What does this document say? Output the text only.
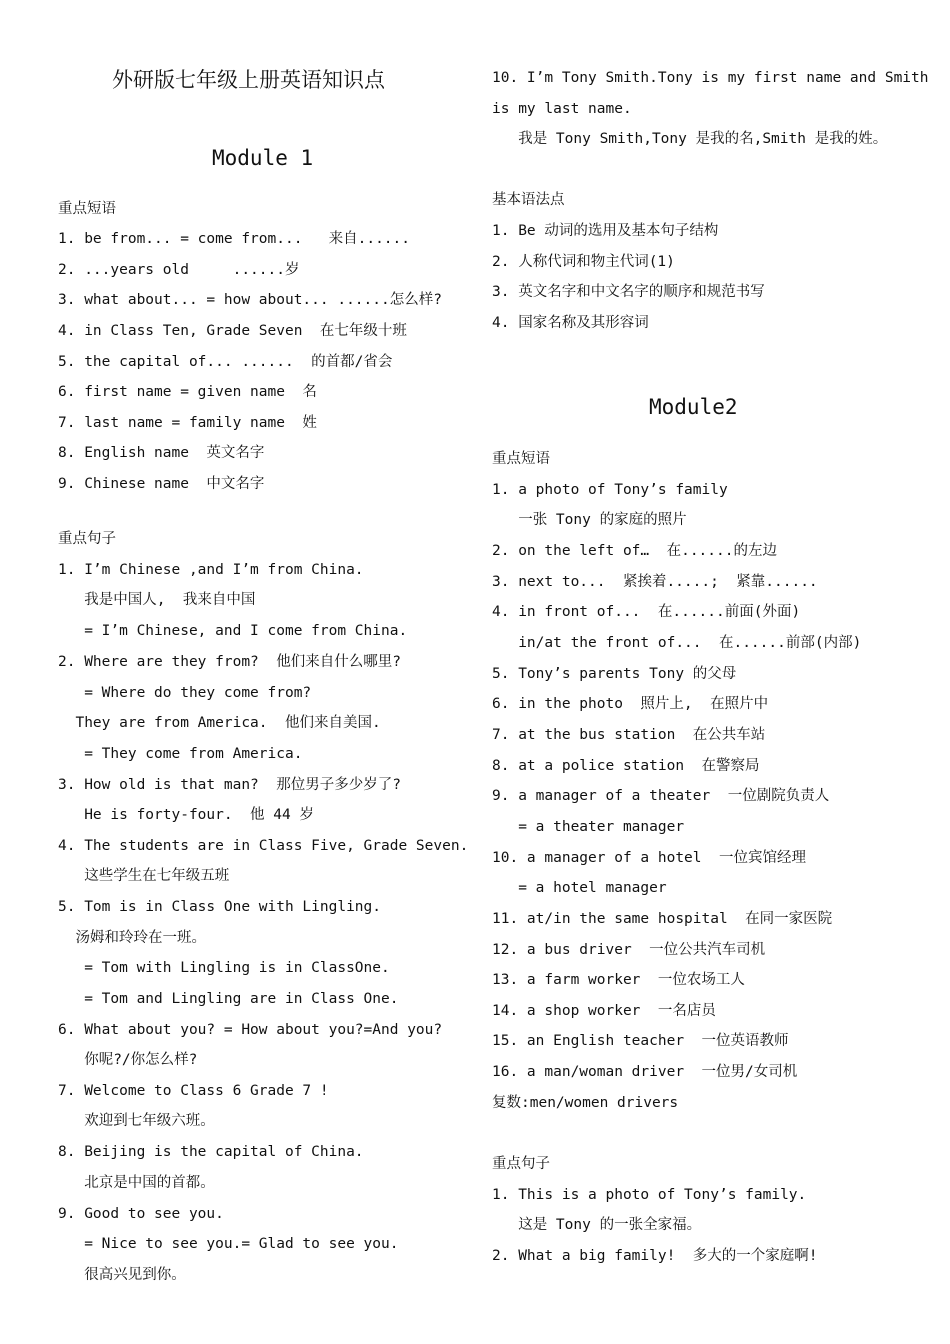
外研版七年级上册英语知识点
Module 1
重点短语
1. be from... = come from...   来自......
2. ...years old     ......岁
3. what about... = how about... ......怎么样?
4. in Class Ten, Grade Seven  在七年级十班
5. the capital of... ......  的首都/省会
6. first name = given name  名
7. last name = family name  姓
8. English name  英文名字
9. Chinese name  中文名字
重点句子
1. I’m Chinese ,and I’m from China.
我是中国人,  我来自中国
= I’m Chinese, and I come from China.
2. Where are they from?  他们来自什么哪里?
= Where do they come from?
They are from America.  他们来自美国.
= They come from America.
3. How old is that man?  那位男子多少岁了?
He is forty-four.  他 44 岁
4. The students are in Class Five, Grade Seven.
这些学生在七年级五班
5. Tom is in Class One with Lingling.
汤姆和玲玲在一班。
= Tom with Lingling is in ClassOne.
= Tom and Lingling are in Class One.
6. What about you? = How about you?=And you?
你呢?/你怎么样?
7. Welcome to Class 6 Grade 7 !
欢迎到七年级六班。
8. Beijing is the capital of China.
北京是中国的首都。
9. Good to see you.
= Nice to see you.= Glad to see you.
很高兴见到你。
10. I’m Tony Smith.Tony is my first name and Smith
is my last name.
我是 Tony Smith,Tony 是我的名,Smith 是我的姓。
基本语法点
1. Be 动词的选用及基本句子结构
2. 人称代词和物主代词(1)
3. 英文名字和中文名字的顺序和规范书写
4. 国家名称及其形容词
Module2
重点短语
1. a photo of Tony’s family
一张 Tony 的家庭的照片
2. on the left of…  在......的左边
3. next to...  紧挨着.....;  紧靠......
4. in front of...  在......前面(外面)
in/at the front of...  在......前部(内部)
5. Tony’s parents Tony 的父母
6. in the photo  照片上,  在照片中
7. at the bus station  在公共车站
8. at a police station  在警察局
9. a manager of a theater  一位剧院负责人
= a theater manager
10. a manager of a hotel  一位宾馆经理
= a hotel manager
11. at/in the same hospital  在同一家医院
12. a bus driver  一位公共汽车司机
13. a farm worker  一位农场工人
14. a shop worker  一名店员
15. an English teacher  一位英语教师
16. a man/woman driver  一位男/女司机
复数:men/women drivers
重点句子
1. This is a photo of Tony’s family.
这是 Tony 的一张全家福。
2. What a big family!  多大的一个家庭啊!
